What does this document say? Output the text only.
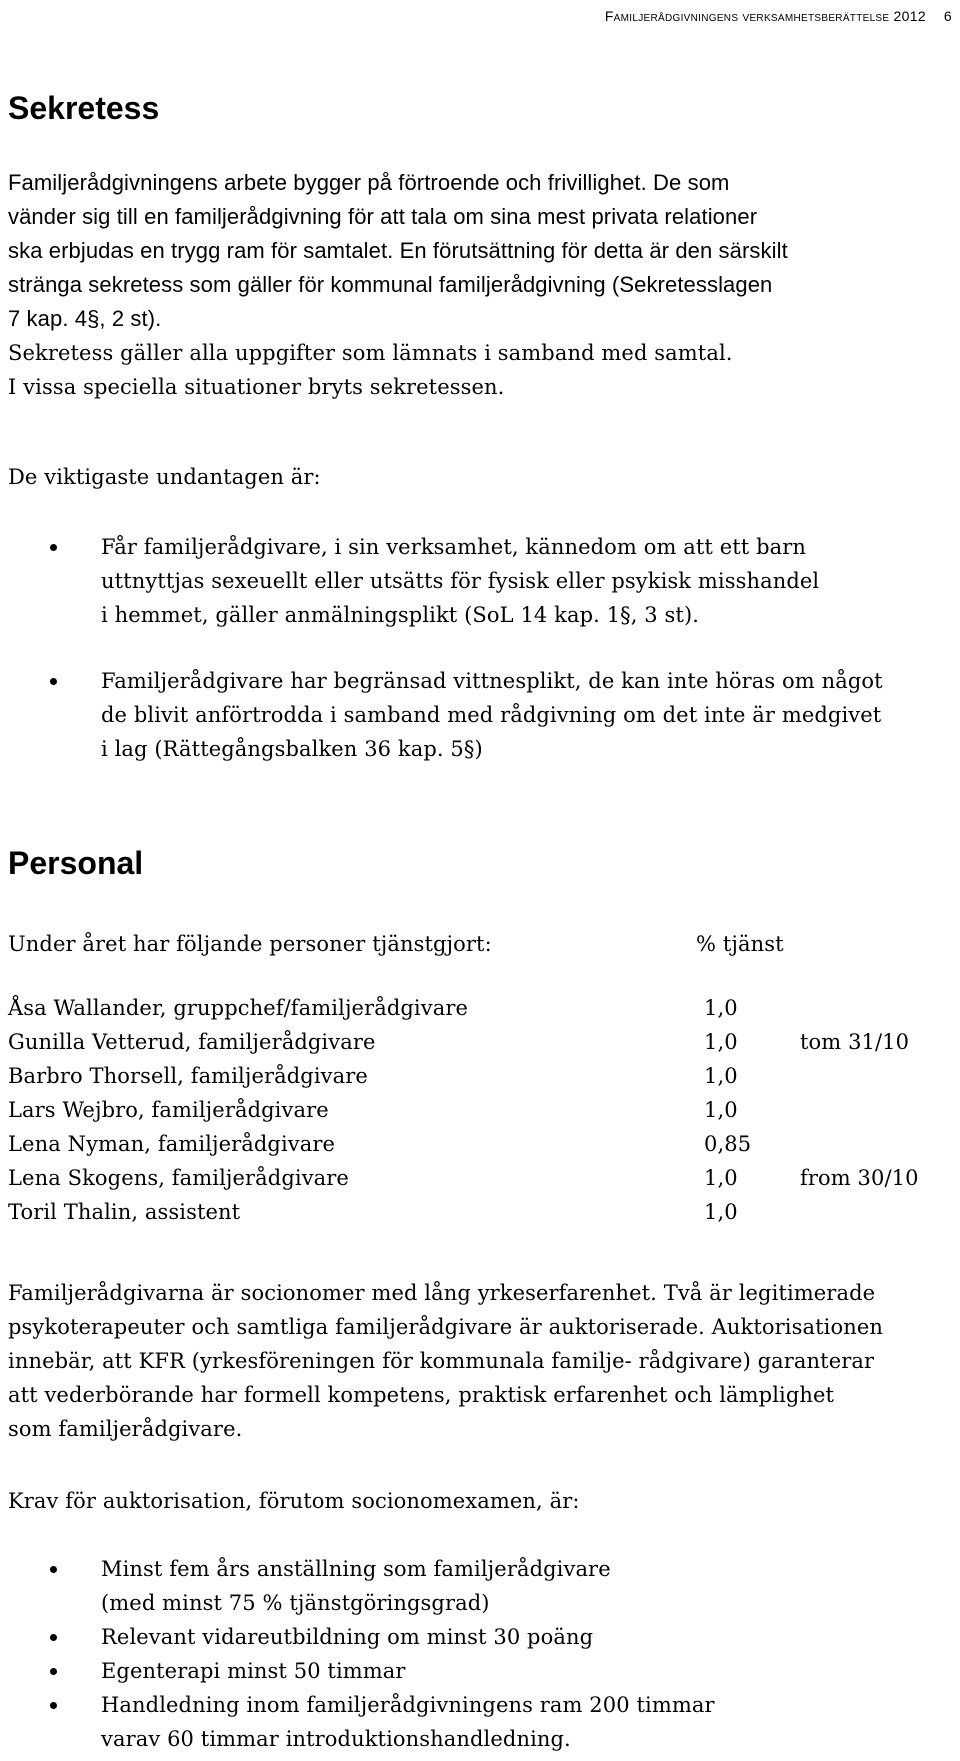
Familjerådgivningens verksamhetsberättelse 2012 6
Sekretess
Familjerådgivningens arbete bygger på förtroende och frivillighet. De som
vänder sig till en familjerådgivning för att tala om sina mest privata relationer
ska erbjudas en trygg ram för samtalet. En förutsättning för detta är den särskilt
stränga sekretess som gäller för kommunal familjerådgivning (Sekretesslagen
7 kap. 4§, 2 st).
Sekretess gäller alla uppgifter som lämnats i samband med samtal.
I vissa speciella situationer bryts sekretessen.
De viktigaste undantagen är:
Får familjerådgivare, i sin verksamhet, kännedom om att ett barn
uttnyttjas sexeuellt eller utsätts för fysisk eller psykisk misshandel
i hemmet, gäller anmälningsplikt (SoL 14 kap. 1§, 3 st).
Familjerådgivare har begränsad vittnesplikt, de kan inte höras om något
de blivit anförtrodda i samband med rådgivning om det inte är medgivet
i lag (Rättegångsbalken 36 kap. 5§)
Personal
Under året har följande personer tjänstgjort:	% tjänst
Åsa Wallander, gruppchef/familjerådgivare	1,0
Gunilla Vetterud, familjerådgivare	1,0	tom 31/10
Barbro Thorsell, familjerådgivare	1,0
Lars Wejbro, familjerådgivare	1,0
Lena Nyman, familjerådgivare	0,85
Lena Skogens, familjerådgivare	1,0	from 30/10
Toril Thalin, assistent	1,0
Familjerådgivarna är socionomer med lång yrkeserfarenhet. Två är legitimerade
psykoterapeuter och samtliga familjerådgivare är auktoriserade. Auktorisationen
innebär, att KFR (yrkesföreningen för kommunala familje- rådgivare) garanterar
att vederbörande har formell kompetens, praktisk erfarenhet och lämplighet
som familjerådgivare.
Krav för auktorisation, förutom socionomexamen, är:
Minst fem års anställning som familjerådgivare
(med minst 75 % tjänstgöringsgrad)
Relevant vidareutbildning om minst 30 poäng
Egenterapi minst 50 timmar
Handledning inom familjerådgivningens ram 200 timmar
varav 60 timmar introduktionshandledning.
